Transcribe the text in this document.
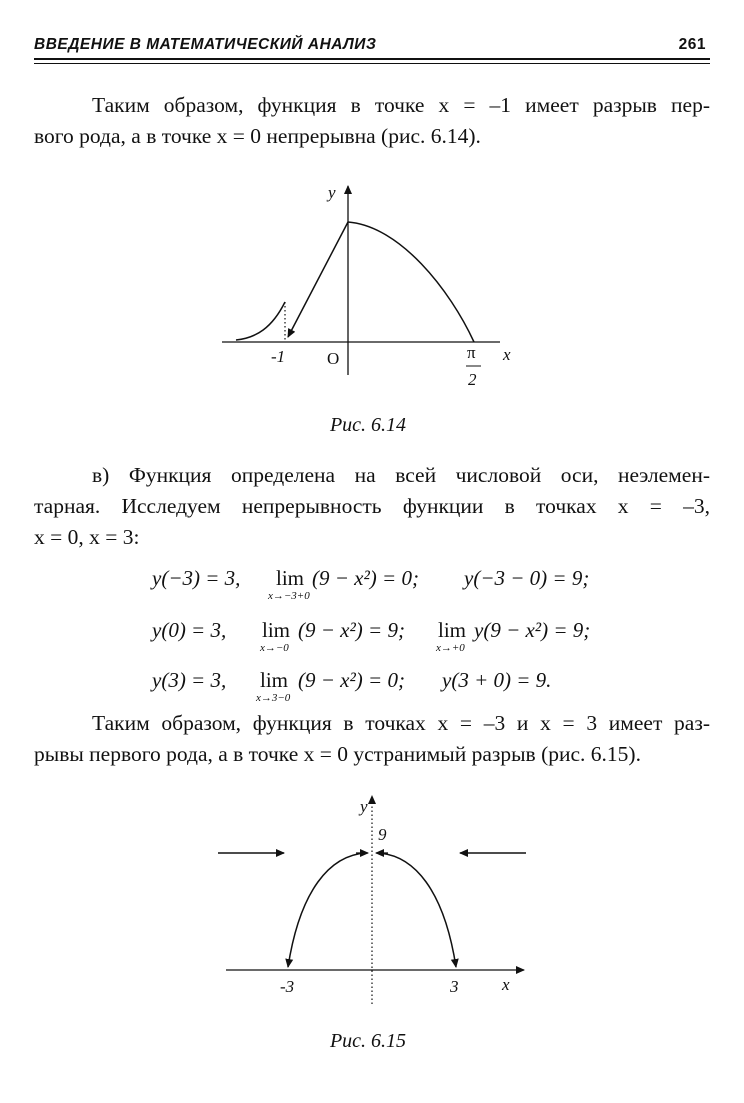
ВВЕДЕНИЕ В МАТЕМАТИЧЕСКИЙ АНАЛИЗ	261
Таким образом, функция в точке x = –1 имеет разрыв пер-
вого рода, а в точке x = 0 непрерывна (рис. 6.14).
y
x
-1 O	π
2
Рис. 6.14
в) Функция определена на всей числовой оси, неэлемен-
тарная. Исследуем непрерывность функции в точках x = –3,
x = 0, x = 3:
y(−3) = 3, lim
x→−3+0
(9 − x²) = 0; y(−3 − 0) = 9;
y(0) = 3, lim
x→−0
(9 − x²) = 9; lim
x→+0
y(9 − x²) = 9;
y(3) = 3, lim
x→3−0
(9 − x²) = 0; y(3 + 0) = 9.
Таким образом, функция в точках x = –3 и x = 3 имеет раз-
рывы первого рода, а в точке x = 0 устранимый разрыв (рис. 6.15).
y
x
9
-3	3
Рис. 6.15
